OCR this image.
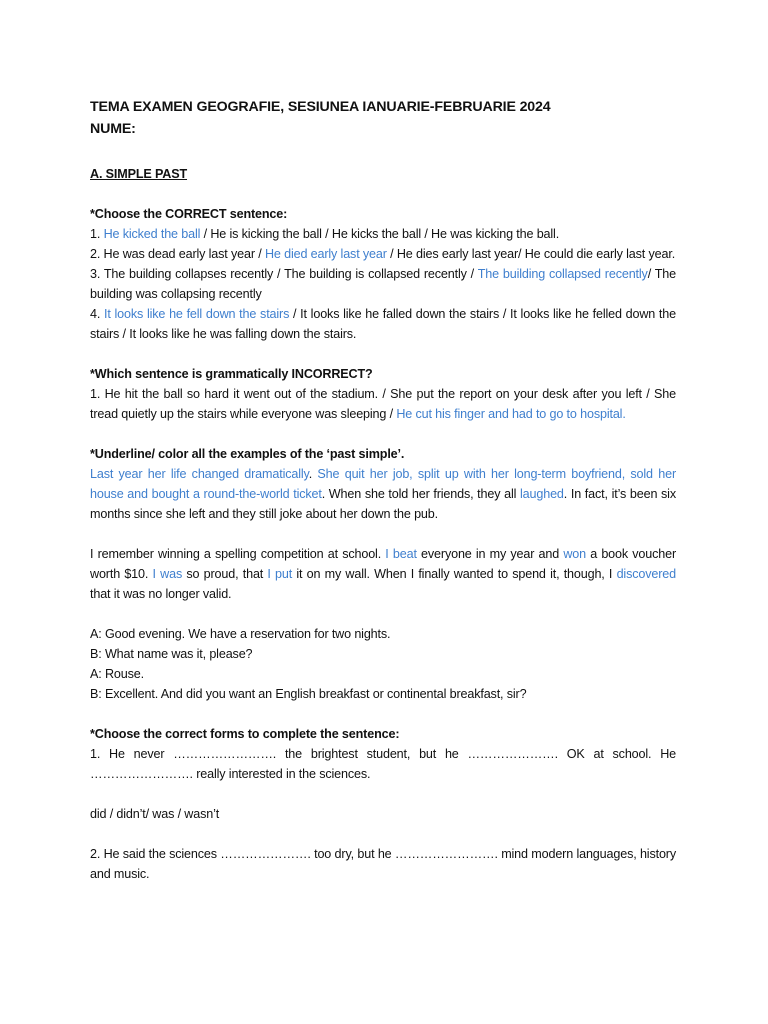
TEMA EXAMEN GEOGRAFIE, SESIUNEA IANUARIE-FEBRUARIE 2024

NUME:

A. SIMPLE PAST

*Choose the CORRECT sentence:

1. He kicked the ball / He is kicking the ball / He kicks the ball / He was kicking the ball.

2. He was dead early last year / He died early last year / He dies early last year/ He could die early last year.

3. The building collapses recently / The building is collapsed recently / The building collapsed recently/ The building was collapsing recently

4. It looks like he fell down the stairs / It looks like he falled down the stairs / It looks like he felled down the stairs / It looks like he was falling down the stairs.

*Which sentence is grammatically INCORRECT?

1. He hit the ball so hard it went out of the stadium. / She put the report on your desk after you left / She tread quietly up the stairs while everyone was sleeping / He cut his finger and had to go to hospital.

*Underline/ color all the examples of the ‘past simple’.

Last year her life changed dramatically. She quit her job, split up with her long-term boyfriend, sold her house and bought a round-the-world ticket. When she told her friends, they all laughed. In fact, it’s been six months since she left and they still joke about her down the pub.

I remember winning a spelling competition at school. I beat everyone in my year and won a book voucher worth $10. I was so proud, that I put it on my wall. When I finally wanted to spend it, though, I discovered that it was no longer valid.

A: Good evening. We have a reservation for two nights.

B: What name was it, please?

A: Rouse.

B: Excellent. And did you want an English breakfast or continental breakfast, sir?

*Choose the correct forms to complete the sentence:

1. He never ……………………. the brightest student, but he …………………. OK at school. He ……………………. really interested in the sciences.

did / didn’t/ was / wasn’t

2. He said the sciences …………………. too dry, but he ……………………. mind modern languages, history and music.
